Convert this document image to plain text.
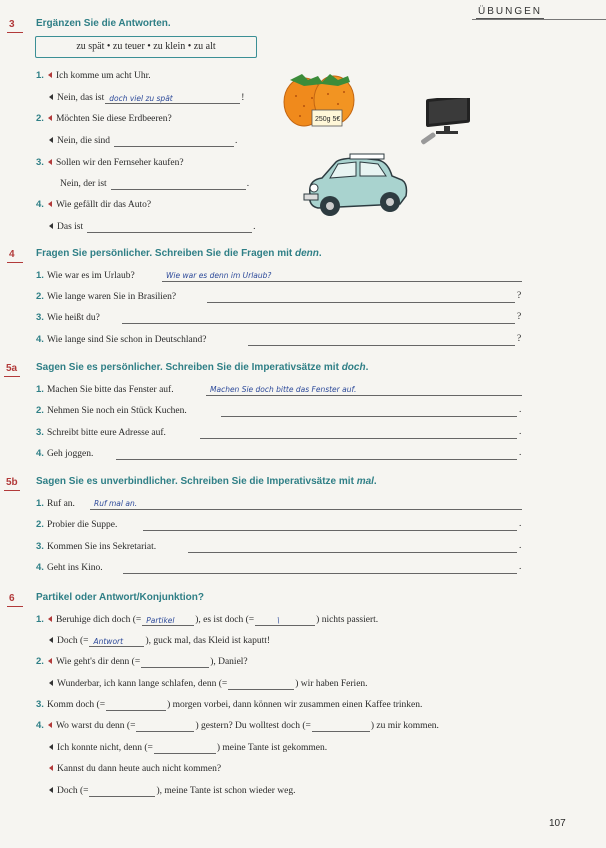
ÜBUNGEN
3 Ergänzen Sie die Antworten.
zu spät • zu teuer • zu klein • zu alt
1. Ich komme um acht Uhr.
Nein, das ist doch viel zu spät	!
2. Möchten Sie diese Erdbeeren?
Nein, die sind	.
3. Sollen wir den Fernseher kaufen?
Nein, der ist	.
4. Wie gefällt dir das Auto?
Das ist	.
250g 5€
4 Fragen Sie persönlicher. Schreiben Sie die Fragen mit denn.
1. Wie war es im Urlaub?	Wie war es denn im Urlaub?
2. Wie lange waren Sie in Brasilien?	?
3. Wie heißt du?	?
4. Wie lange sind Sie schon in Deutschland?	?
5a Sagen Sie es persönlicher. Schreiben Sie die Imperativsätze mit doch.
1. Machen Sie bitte das Fenster auf.	Machen Sie doch bitte das Fenster auf.
2. Nehmen Sie noch ein Stück Kuchen.	.
3. Schreibt bitte eure Adresse auf.	.
4. Geh joggen.	.
5b Sagen Sie es unverbindlicher. Schreiben Sie die Imperativsätze mit mal.
1. Ruf an.	Ruf mal an.
2. Probier die Suppe.	.
3. Kommen Sie ins Sekretariat.	.
4. Geht ins Kino.	.
6 Partikel oder Antwort/Konjunktion?
1. Beruhige dich doch (= Partikel ), es ist doch (=	\	) nichts passiert.
Doch (= Antwort ), guck mal, das Kleid ist kaputt!
2. Wie geht's dir denn (=	), Daniel?
Wunderbar, ich kann lange schlafen, denn (=	) wir haben Ferien.
3. Komm doch (=	) morgen vorbei, dann können wir zusammen einen Kaffee trinken.
4. Wo warst du denn (=	) gestern? Du wolltest doch (=	) zu mir kommen.
Ich konnte nicht, denn (=	) meine Tante ist gekommen.
Kannst du dann heute auch nicht kommen?
Doch (=	), meine Tante ist schon wieder weg.
107
